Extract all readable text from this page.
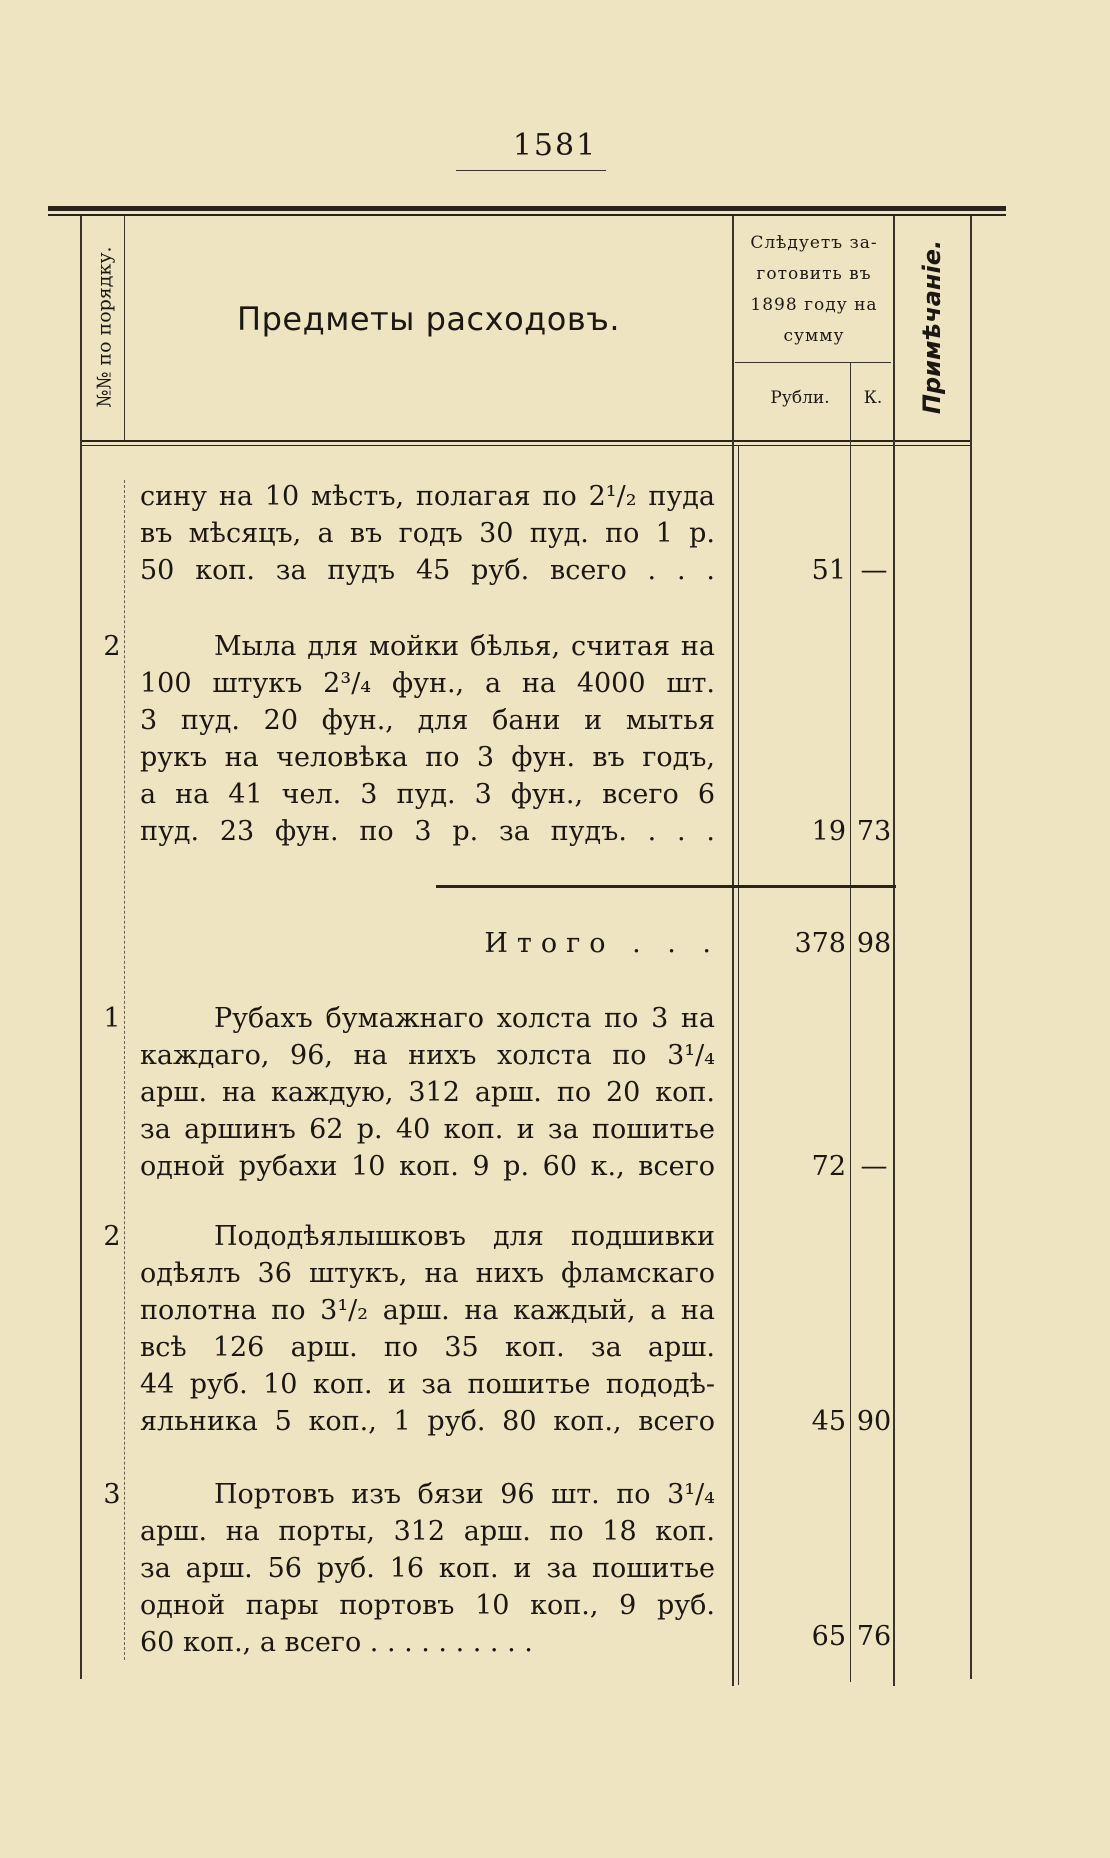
1581
№№ по порядку.	Предметы расходовъ.
Слѣдуетъ за-
готовить въ
1898 году на
сумму
Рубли.	К.	Примѣчаніе.
сину на 10 мѣстъ, полагая по 2¹/₂ пуда
въ мѣсяцъ, а въ годъ 30 пуд. по 1 р.
50 коп. за пудъ 45 руб. всего . . .	51 —
2	Мыла для мойки бѣлья, считая на
100 штукъ 2³/₄ фун., а на 4000 шт.
3 пуд. 20 фун., для бани и мытья
рукъ на человѣка по 3 фун. въ годъ,
а на 41 чел. 3 пуд. 3 фун., всего 6
пуд. 23 фун. по 3 р. за пудъ. . . .	19 73
Итого . . .	378 98
1	Рубахъ бумажнаго холста по 3 на
каждаго, 96, на нихъ холста по 3¹/₄
арш. на каждую, 312 арш. по 20 коп.
за аршинъ 62 р. 40 коп. и за пошитье
одной рубахи 10 коп. 9 р. 60 к., всего	72 —
2	Пододѣялышковъ для подшивки
одѣялъ 36 штукъ, на нихъ фламскаго
полотна по 3¹/₂ арш. на каждый, а на
всѣ 126 арш. по 35 коп. за арш.
44 руб. 10 коп. и за пошитье пододѣ-
яльника 5 коп., 1 руб. 80 коп., всего	45 90
3	Портовъ изъ бязи 96 шт. по 3¹/₄
арш. на порты, 312 арш. по 18 коп.
за арш. 56 руб. 16 коп. и за пошитье
одной пары портовъ 10 коп., 9 руб.
60 коп., а всего . . . . . . . . . .	65 76
